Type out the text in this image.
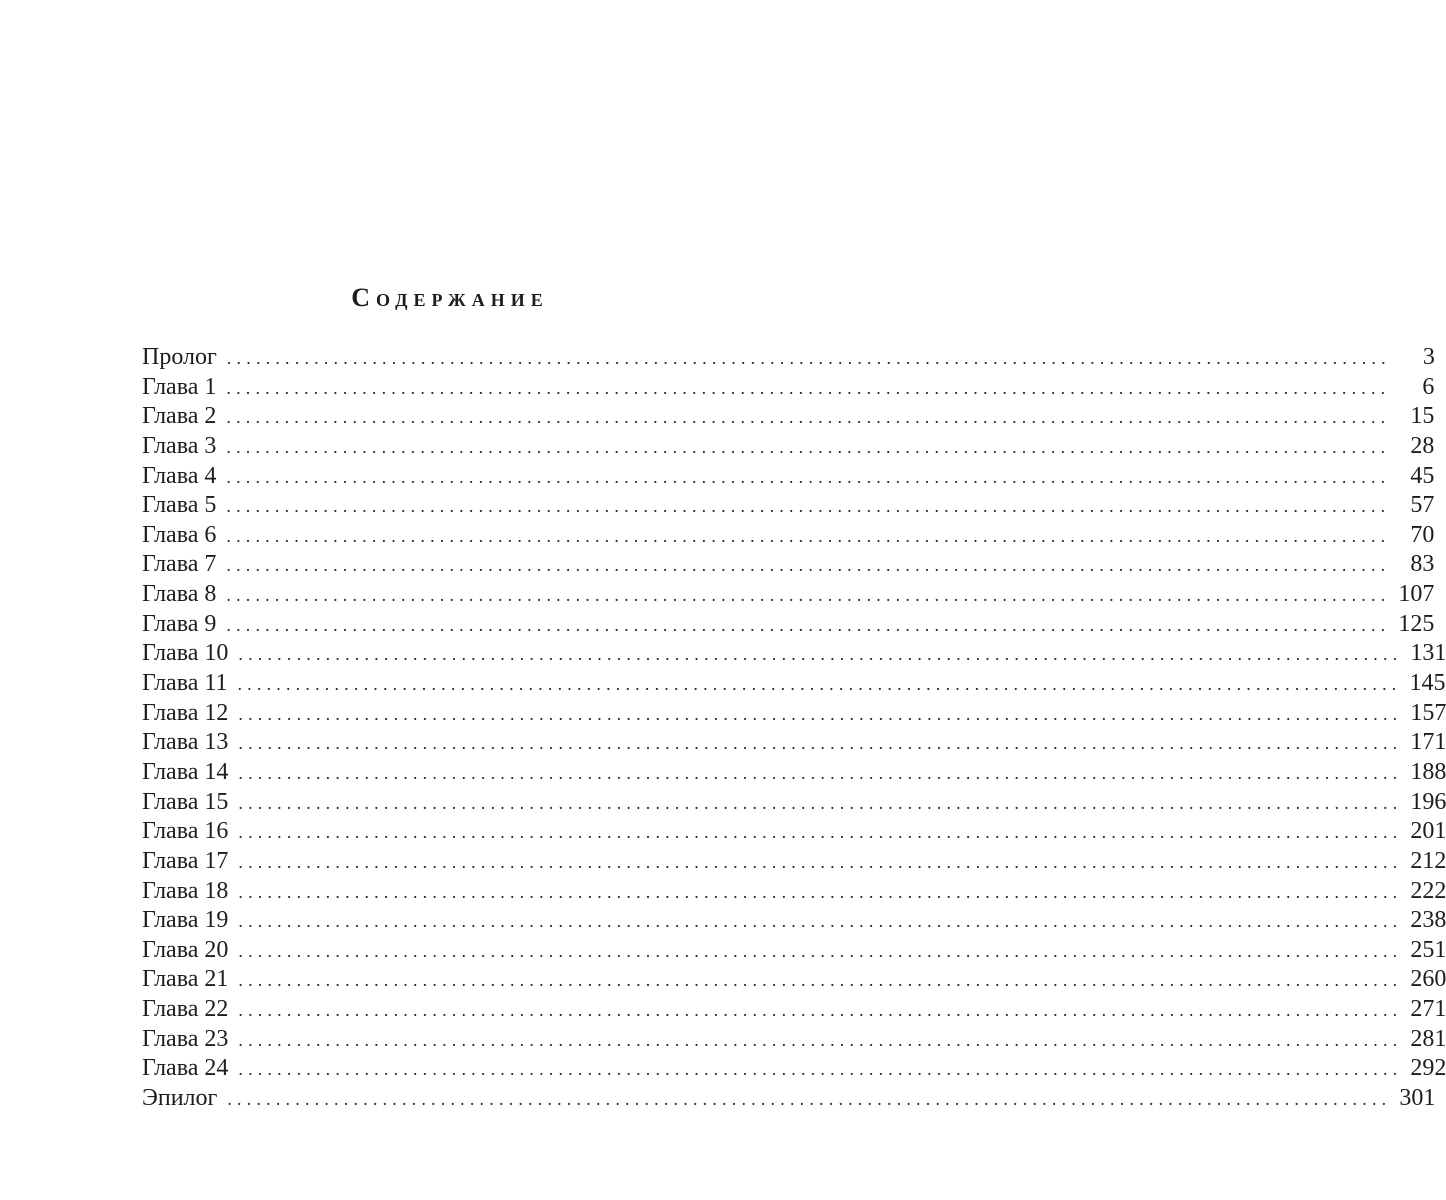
Содержание
Пролог ........................................................................................................................	3
Глава 1 ........................................................................................................................	6
Глава 2 ........................................................................................................................ 15
Глава 3 ........................................................................................................................ 28
Глава 4 ........................................................................................................................ 45
Глава 5 ........................................................................................................................ 57
Глава 6 ........................................................................................................................ 70
Глава 7 ........................................................................................................................ 83
Глава 8 ........................................................................................................................ 107
Глава 9 ........................................................................................................................ 125
Глава 10 ........................................................................................................................ 131
Глава 11 ........................................................................................................................ 145
Глава 12 ........................................................................................................................ 157
Глава 13 ........................................................................................................................ 171
Глава 14 ........................................................................................................................ 188
Глава 15 ........................................................................................................................ 196
Глава 16 ........................................................................................................................ 201
Глава 17 ........................................................................................................................ 212
Глава 18 ........................................................................................................................ 222
Глава 19 ........................................................................................................................ 238
Глава 20 ........................................................................................................................ 251
Глава 21 ........................................................................................................................ 260
Глава 22 ........................................................................................................................ 271
Глава 23 ........................................................................................................................ 281
Глава 24 ........................................................................................................................ 292
Эпилог ........................................................................................................................ 301
